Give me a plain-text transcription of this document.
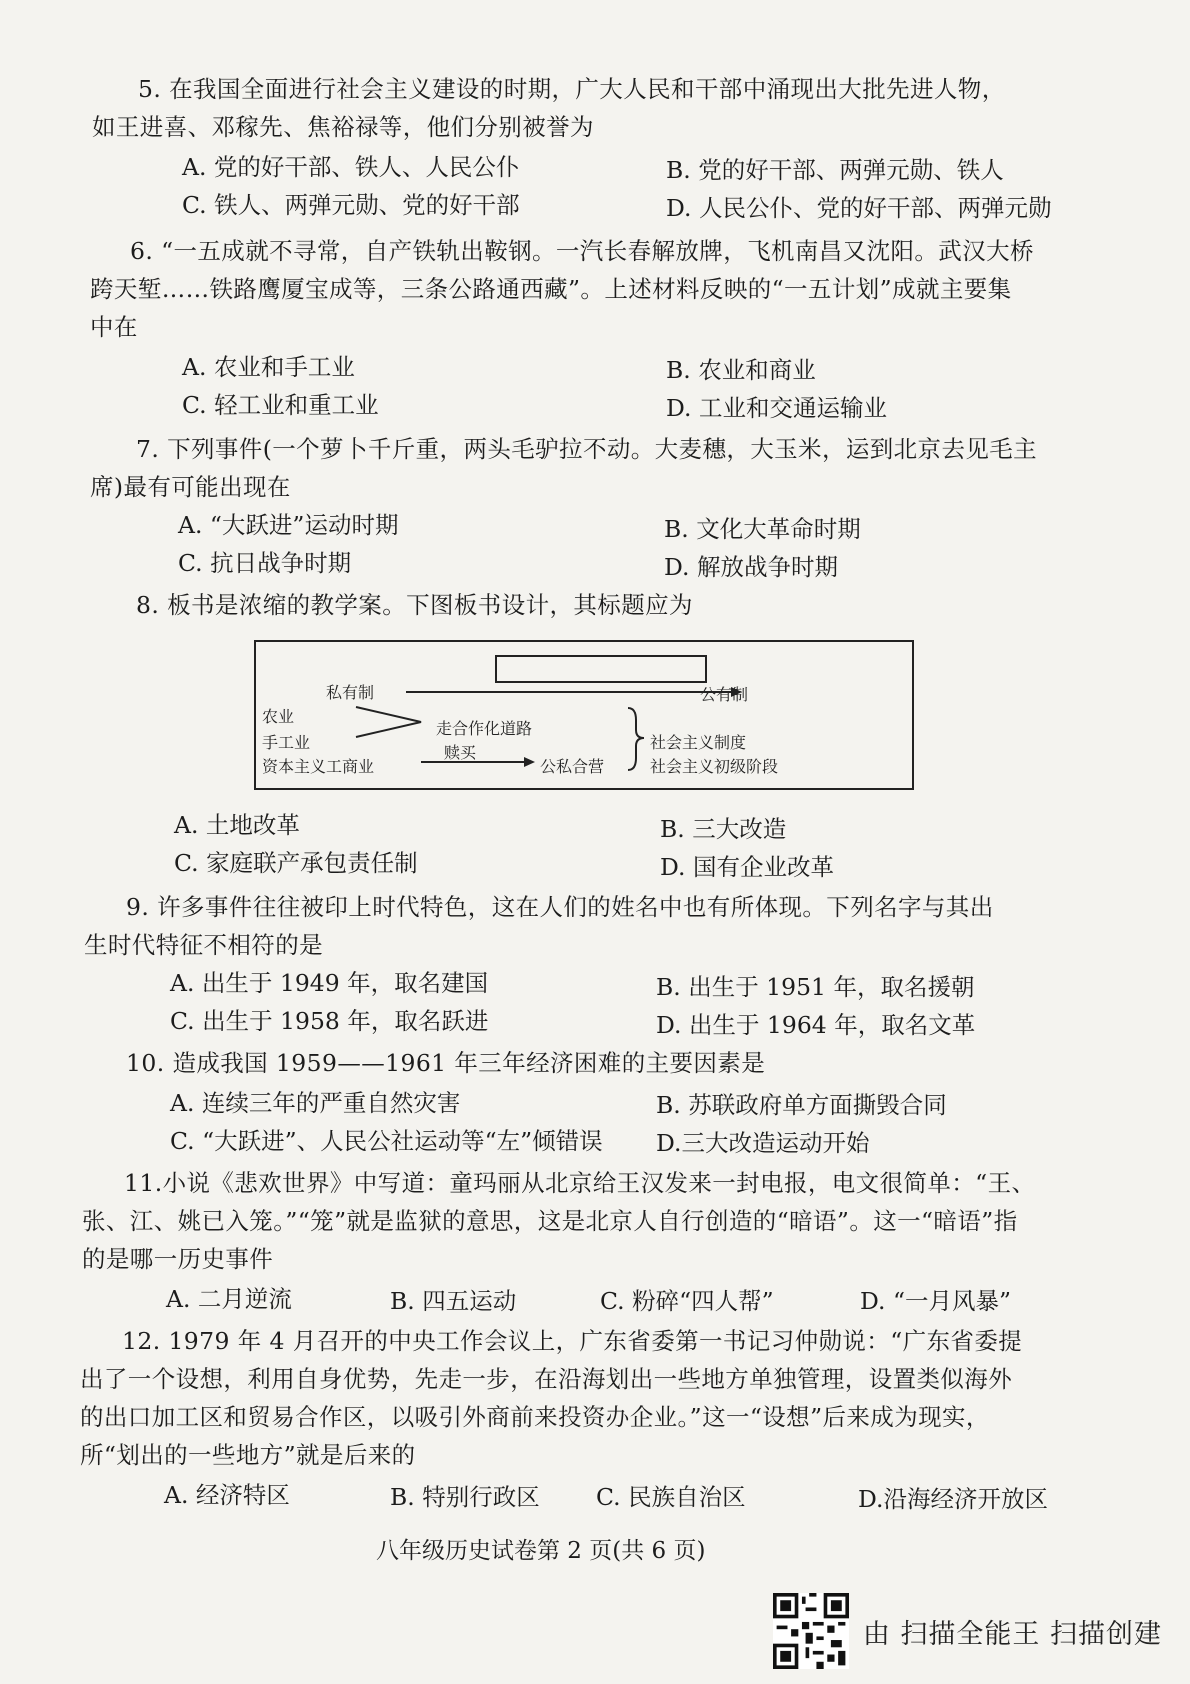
5. 在我国全面进行社会主义建设的时期，广大人民和干部中涌现出大批先进人物，
如王进喜、邓稼先、焦裕禄等，他们分别被誉为
A. 党的好干部、铁人、人民公仆	B. 党的好干部、两弹元勋、铁人
C. 铁人、两弹元勋、党的好干部	D. 人民公仆、党的好干部、两弹元勋
6. “一五成就不寻常，自产铁轨出鞍钢。一汽长春解放牌，飞机南昌又沈阳。武汉大桥
跨天堑……铁路鹰厦宝成等，三条公路通西藏”。上述材料反映的“一五计划”成就主要集
中在
A. 农业和手工业	B. 农业和商业
C. 轻工业和重工业	D. 工业和交通运输业
7. 下列事件(一个萝卜千斤重，两头毛驴拉不动。大麦穗，大玉米，运到北京去见毛主
席)最有可能出现在
A. “大跃进”运动时期	B. 文化大革命时期
C. 抗日战争时期	D. 解放战争时期
8. 板书是浓缩的教学案。下图板书设计，其标题应为
私有制	公有制
农业
手工业
资本主义工商业
走合作化道路
赎买
公私合营
社会主义制度
社会主义初级阶段
A. 土地改革	B. 三大改造
C. 家庭联产承包责任制	D. 国有企业改革
9. 许多事件往往被印上时代特色，这在人们的姓名中也有所体现。下列名字与其出
生时代特征不相符的是
A. 出生于 1949 年，取名建国	B. 出生于 1951 年，取名援朝
C. 出生于 1958 年，取名跃进	D. 出生于 1964 年，取名文革
10. 造成我国 1959——1961 年三年经济困难的主要因素是
A. 连续三年的严重自然灾害	B. 苏联政府单方面撕毁合同
C. “大跃进”、人民公社运动等“左”倾错误 D.三大改造运动开始
11.小说《悲欢世界》中写道：童玛丽从北京给王汉发来一封电报，电文很简单：“王、
张、江、姚已入笼。”“笼”就是监狱的意思，这是北京人自行创造的“暗语”。这一“暗语”指
的是哪一历史事件
A. 二月逆流	B. 四五运动	C. 粉碎“四人帮”	D. “一月风暴”
12. 1979 年 4 月召开的中央工作会议上，广东省委第一书记习仲勋说：“广东省委提
出了一个设想，利用自身优势，先走一步，在沿海划出一些地方单独管理，设置类似海外
的出口加工区和贸易合作区，以吸引外商前来投资办企业。”这一“设想”后来成为现实，
所“划出的一些地方”就是后来的
A. 经济特区	B. 特别行政区 C. 民族自治区	D.沿海经济开放区
八年级历史试卷第 2 页(共 6 页)
由 扫描全能王 扫描创建
